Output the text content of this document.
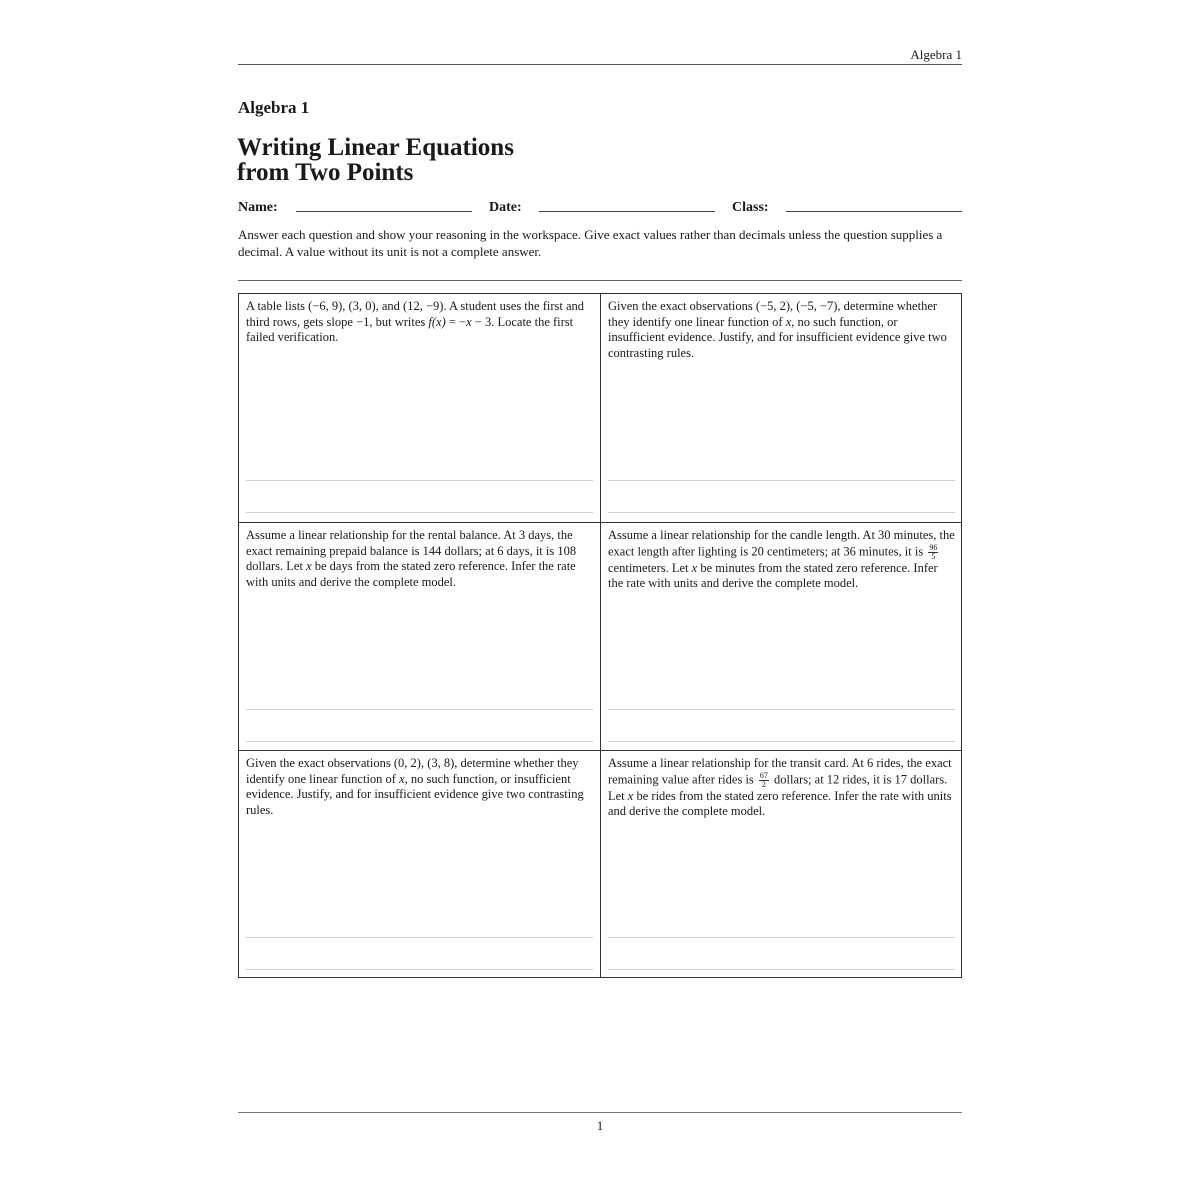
Algebra 1
Algebra 1
Writing Linear Equations
from Two Points
Name:	Date:	Class:

Answer each question and show your reasoning in the workspace. Give exact values rather than decimals unless the question supplies a decimal. A value without its unit is not a complete answer.

A table lists (−6, 9), (3, 0), and (12, −9). A student uses the first and third rows, gets slope −1, but writes f(x) = −x − 3. Locate the first failed verification.

Given the exact observations (−5, 2), (−5, −7), determine whether they identify one linear function of x, no such function, or insufficient evidence. Justify, and for insufficient evidence give two contrasting rules.

Assume a linear relationship for the rental balance. At 3 days, the exact remaining prepaid balance is 144 dollars; at 6 days, it is 108 dollars. Let x be days from the stated zero reference. Infer the rate with units and derive the complete model.

Assume a linear relationship for the candle length. At 30 minutes, the exact length after lighting is 20 centimeters; at 36 minutes, it is $\frac{96}{5}$
centimeters. Let x be minutes from the stated zero reference. Infer the rate with units and derive the complete model.

Given the exact observations (0, 2), (3, 8), determine whether they identify one linear function of x, no such function, or insufficient evidence. Justify, and for insufficient evidence give two contrasting rules.

Assume a linear relationship for the transit card. At 6 rides, the exact remaining value after rides is $\frac{67}{2}$ dollars; at 12 rides, it is 17 dollars. Let x be rides from the stated zero reference. Infer the rate with units and derive the complete model.

1
